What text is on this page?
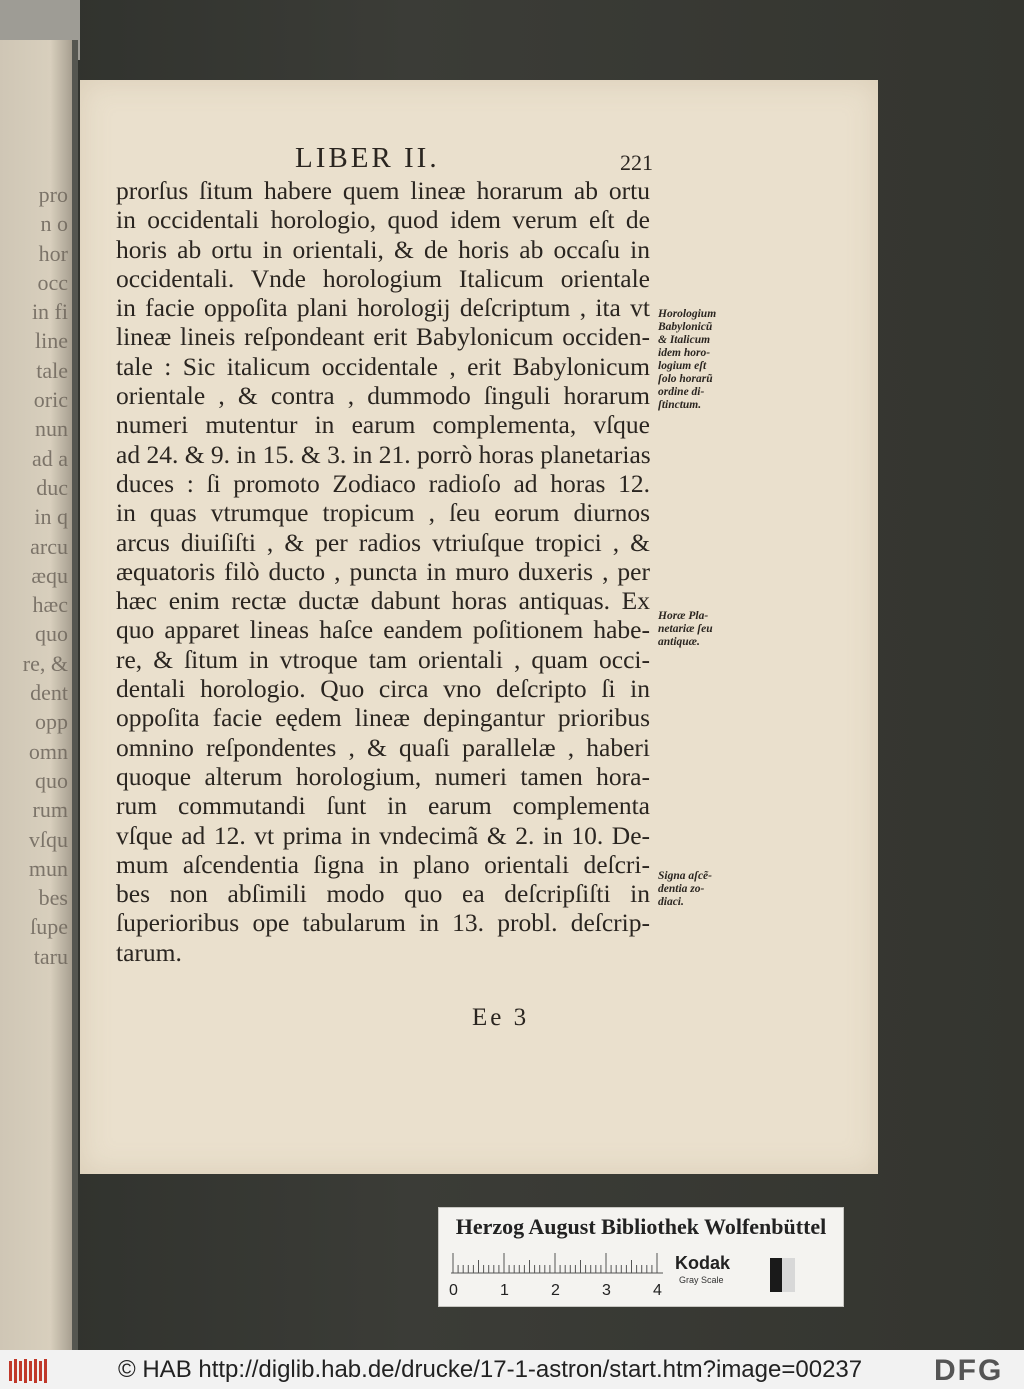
pro
n o
hor
occ
in fi
line
tale
oric
nun
ad a
duc
in q
arcu
æqu
hæc
quo
re, &
dent
opp
omn
quo
rum
vſqu
mun
bes
ſupe
taru
LIBER II.	221
prorſus ſitum habere quem lineæ horarum ab ortu
in occidentali horologio, quod idem verum eſt de
horis ab ortu in orientali, & de horis ab occaſu in
occidentali. Vnde horologium Italicum orientale
in facie oppoſita plani horologij deſcriptum , ita vt
lineæ lineis reſpondeant erit Babylonicum occiden-
tale : Sic italicum occidentale , erit Babylonicum
orientale , & contra , dummodo ſinguli horarum
numeri mutentur in earum complementa, vſque
ad 24. & 9. in 15. & 3. in 21. porrò horas planetarias
duces : ſi promoto Zodiaco radioſo ad horas 12.
in quas vtrumque tropicum , ſeu eorum diurnos
arcus diuiſiſti , & per radios vtriuſque tropici , &
æquatoris filò ducto , puncta in muro duxeris , per
hæc enim rectæ ductæ dabunt horas antiquas. Ex
quo apparet lineas haſce eandem poſitionem habe-
re, & ſitum in vtroque tam orientali , quam occi-
dentali horologio. Quo circa vno deſcripto ſi in
oppoſita facie eędem lineæ depingantur prioribus
omnino reſpondentes , & quaſi parallelæ , haberi
quoque alterum horologium, numeri tamen hora-
rum commutandi ſunt in earum complementa
vſque ad 12. vt prima in vndecimã & 2. in 10. De-
mum aſcendentia ſigna in plano orientali deſcri-
bes non abſimili modo quo ea deſcripſiſti in
ſuperioribus ope tabularum in 13. probl. deſcrip-
tarum.
Horologium
Babylonicũ
& Italicum
idem horo-
logium eſt
ſolo horarũ
ordine di-
ſtinctum.
Horæ Pla-
netariæ ſeu
antiquæ.
Signa aſcẽ-
dentia zo-
diaci.
Ee 3
Herzog August Bibliothek Wolfenbüttel
0	1	2	3	4
Kodak
Gray Scale
© HAB http://diglib.hab.de/drucke/17-1-astron/start.htm?image=00237 DFG
